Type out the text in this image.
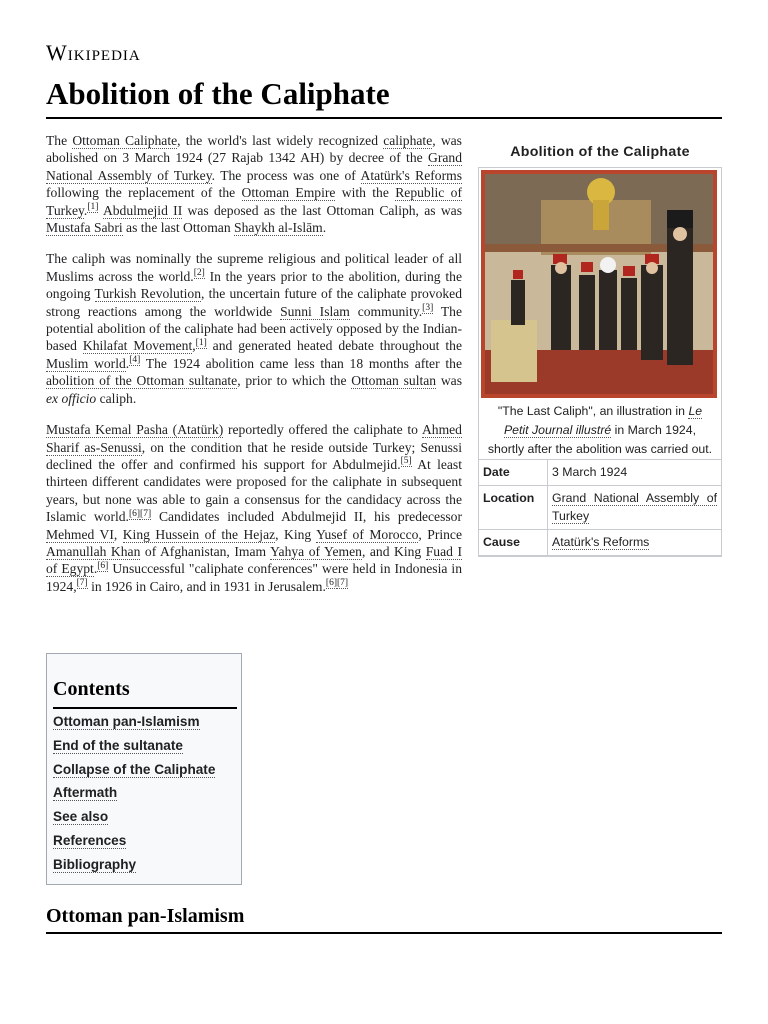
Wikipedia
Abolition of the Caliphate
Abolition of the Caliphate
"The Last Caliph", an illustration in Le Petit Journal illustré in March 1924, shortly after the abolition was carried out.
Date	3 March 1924
Location	Grand National Assembly of Turkey
Cause	Atatürk's Reforms

The Ottoman Caliphate, the world's last widely recognized caliphate, was abolished on 3 March 1924 (27 Rajab 1342 AH) by decree of the Grand National Assembly of Turkey. The process was one of Atatürk's Reforms following the replacement of the Ottoman Empire with the Republic of Turkey.[1] Abdulmejid II was deposed as the last Ottoman Caliph, as was Mustafa Sabri as the last Ottoman Shaykh al-Islām.

The caliph was nominally the supreme religious and political leader of all Muslims across the world.[2] In the years prior to the abolition, during the ongoing Turkish Revolution, the uncertain future of the caliphate provoked strong reactions among the worldwide Sunni Islam community.[3] The potential abolition of the caliphate had been actively opposed by the Indian-based Khilafat Movement,[1] and generated heated debate throughout the Muslim world.[4] The 1924 abolition came less than 18 months after the abolition of the Ottoman sultanate, prior to which the Ottoman sultan was ex officio caliph.

Mustafa Kemal Pasha (Atatürk) reportedly offered the caliphate to Ahmed Sharif as-Senussi, on the condition that he reside outside Turkey; Senussi declined the offer and confirmed his support for Abdulmejid.[5] At least thirteen different candidates were proposed for the caliphate in subsequent years, but none was able to gain a consensus for the candidacy across the Islamic world.[6][7] Candidates included Abdulmejid II, his predecessor Mehmed VI, King Hussein of the Hejaz, King Yusef of Morocco, Prince Amanullah Khan of Afghanistan, Imam Yahya of Yemen, and King Fuad I of Egypt.[6] Unsuccessful "caliphate conferences" were held in Indonesia in 1924,[7] in 1926 in Cairo, and in 1931 in Jerusalem.[6][7]

Contents
Ottoman pan-Islamism
End of the sultanate
Collapse of the Caliphate
Aftermath
See also
References
Bibliography
Ottoman pan-Islamism
